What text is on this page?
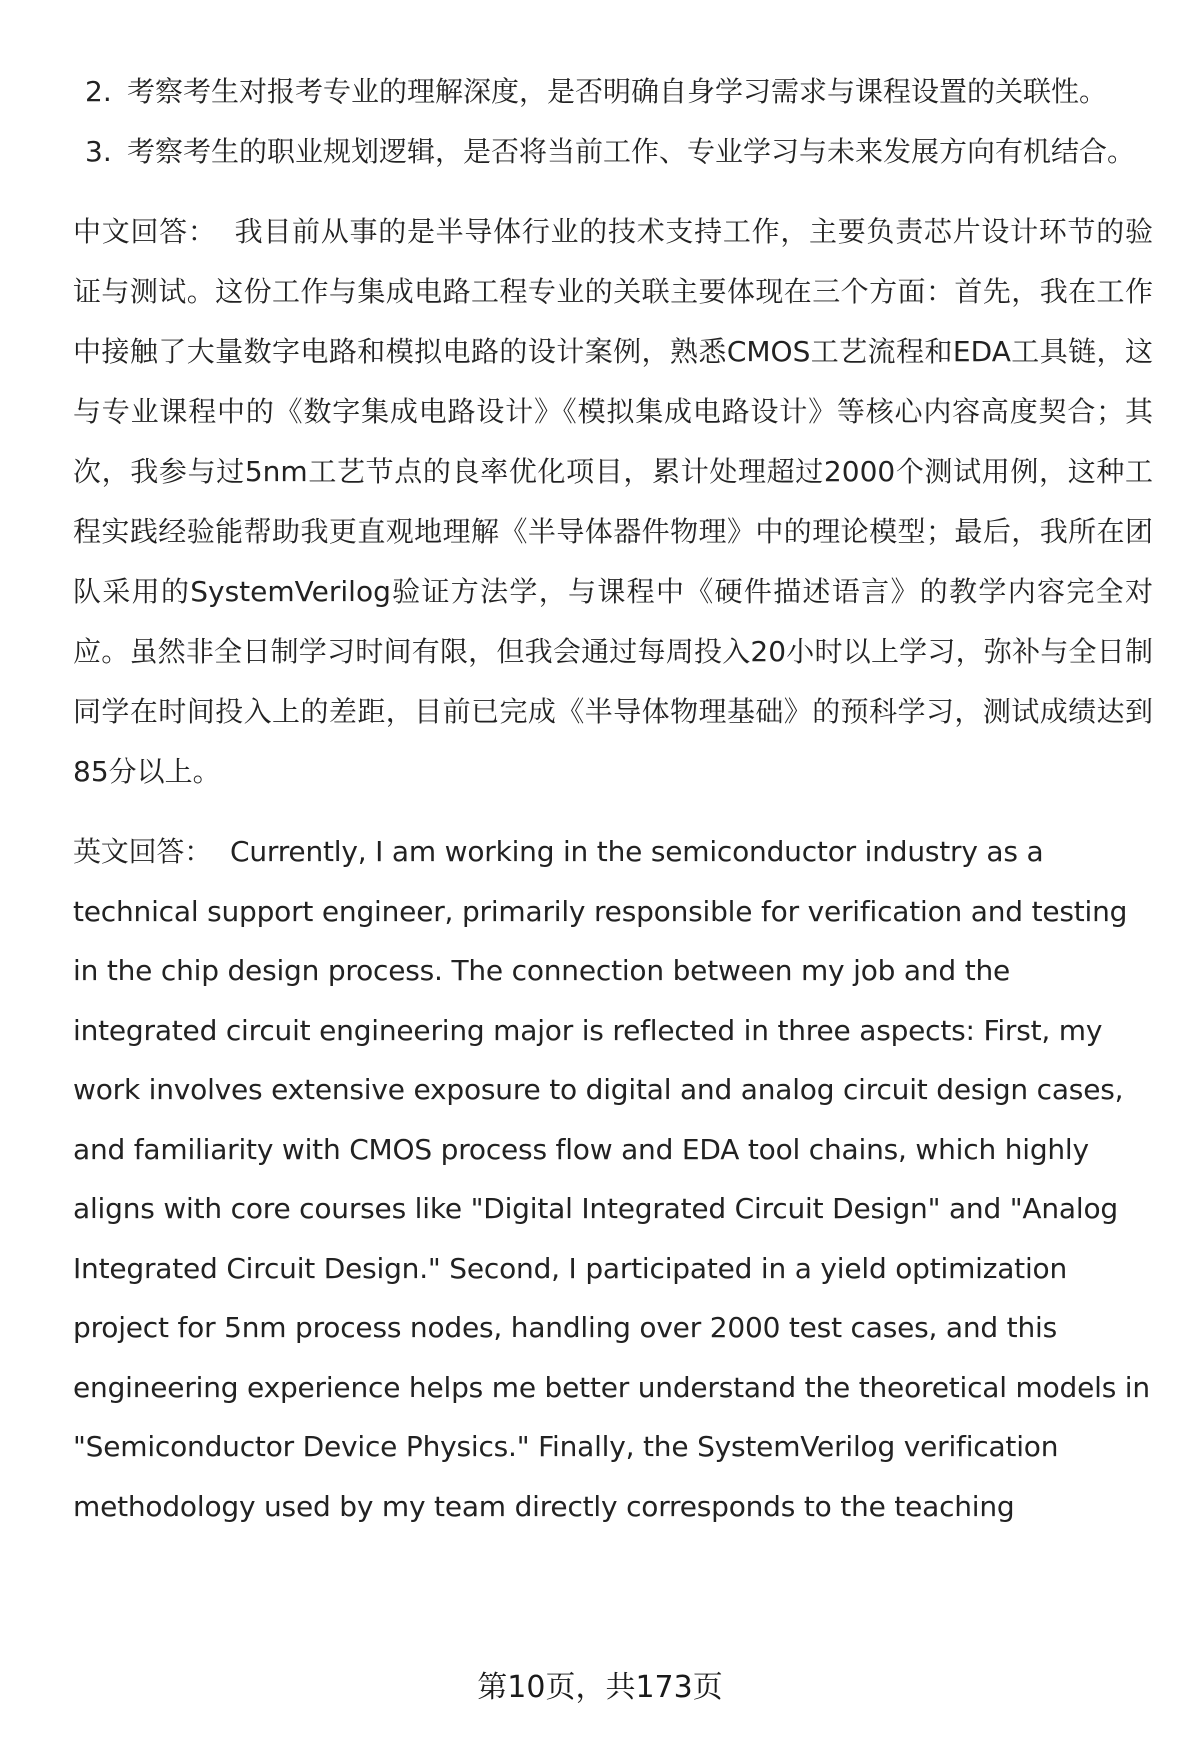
2. 考察考生对报考专业的理解深度，是否明确自身学习需求与课程设置的关联性。
3. 考察考生的职业规划逻辑，是否将当前工作、专业学习与未来发展方向有机结合。

中文回答： 我目前从事的是半导体行业的技术支持工作，主要负责芯片设计环节的验证与测试。这份工作与集成电路工程专业的关联主要体现在三个方面：首先，我在工作中接触了大量数字电路和模拟电路的设计案例，熟悉CMOS工艺流程和EDA工具链，这与专业课程中的《数字集成电路设计》《模拟集成电路设计》等核心内容高度契合；其次，我参与过5nm工艺节点的良率优化项目，累计处理超过2000个测试用例，这种工程实践经验能帮助我更直观地理解《半导体器件物理》中的理论模型；最后，我所在团队采用的SystemVerilog验证方法学，与课程中《硬件描述语言》的教学内容完全对应。虽然非全日制学习时间有限，但我会通过每周投入20小时以上学习，弥补与全日制同学在时间投入上的差距，目前已完成《半导体物理基础》的预科学习，测试成绩达到85分以上。

英文回答： Currently, I am working in the semiconductor industry as a technical support engineer, primarily responsible for verification and testing in the chip design process. The connection between my job and the integrated circuit engineering major is reflected in three aspects: First, my work involves extensive exposure to digital and analog circuit design cases, and familiarity with CMOS process flow and EDA tool chains, which highly aligns with core courses like "Digital Integrated Circuit Design" and "Analog Integrated Circuit Design." Second, I participated in a yield optimization project for 5nm process nodes, handling over 2000 test cases, and this engineering experience helps me better understand the theoretical models in "Semiconductor Device Physics." Finally, the SystemVerilog verification methodology used by my team directly corresponds to the teaching

第10页，共173页
